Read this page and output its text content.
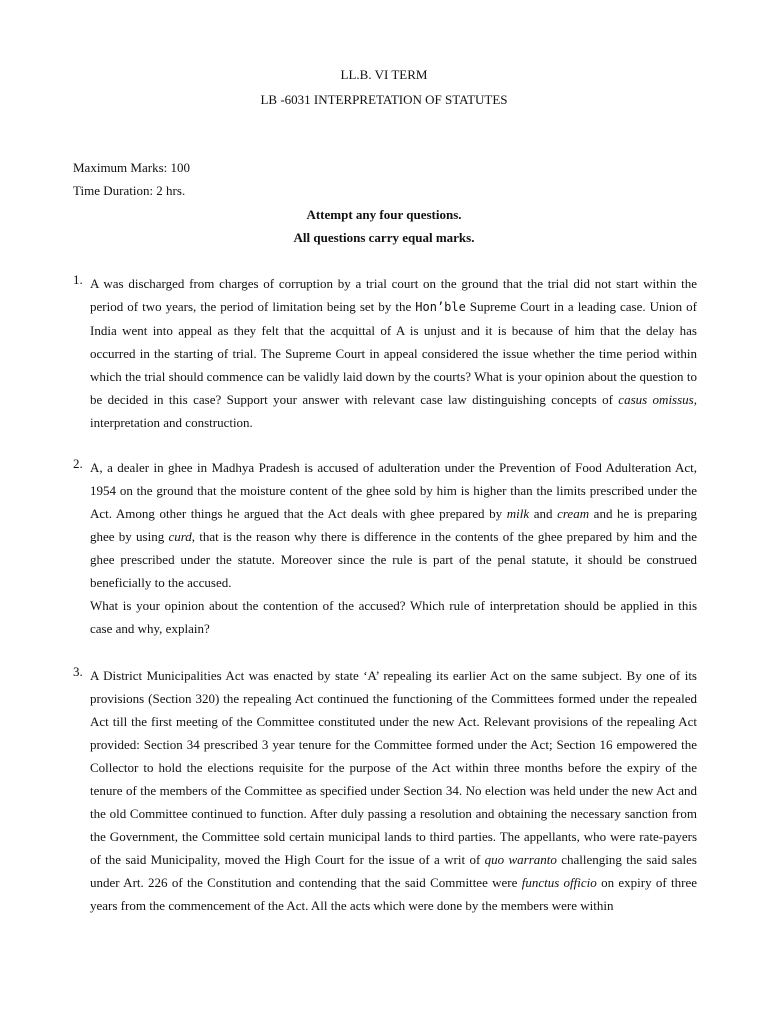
LL.B. VI TERM
LB -6031 INTERPRETATION OF STATUTES
Maximum Marks: 100
Time Duration: 2 hrs.
Attempt any four questions.
All questions carry equal marks.
1. A was discharged from charges of corruption by a trial court on the ground that the trial did not start within the period of two years, the period of limitation being set by the Hon’ble Supreme Court in a leading case. Union of India went into appeal as they felt that the acquittal of A is unjust and it is because of him that the delay has occurred in the starting of trial. The Supreme Court in appeal considered the issue whether the time period within which the trial should commence can be validly laid down by the courts? What is your opinion about the question to be decided in this case? Support your answer with relevant case law distinguishing concepts of casus omissus, interpretation and construction.

2. A, a dealer in ghee in Madhya Pradesh is accused of adulteration under the Prevention of Food Adulteration Act, 1954 on the ground that the moisture content of the ghee sold by him is higher than the limits prescribed under the Act. Among other things he argued that the Act deals with ghee prepared by milk and cream and he is preparing ghee by using curd, that is the reason why there is difference in the contents of the ghee prepared by him and the ghee prescribed under the statute. Moreover since the rule is part of the penal statute, it should be construed beneficially to the accused.

What is your opinion about the contention of the accused? Which rule of interpretation should be applied in this case and why, explain?

3. A District Municipalities Act was enacted by state ‘A’ repealing its earlier Act on the same subject. By one of its provisions (Section 320) the repealing Act continued the functioning of the Committees formed under the repealed Act till the first meeting of the Committee constituted under the new Act. Relevant provisions of the repealing Act provided: Section 34 prescribed 3 year tenure for the Committee formed under the Act; Section 16 empowered the Collector to hold the elections requisite for the purpose of the Act within three months before the expiry of the tenure of the members of the Committee as specified under Section 34. No election was held under the new Act and the old Committee continued to function. After duly passing a resolution and obtaining the necessary sanction from the Government, the Committee sold certain municipal lands to third parties. The appellants, who were rate-payers of the said Municipality, moved the High Court for the issue of a writ of quo warranto challenging the said sales under Art. 226 of the Constitution and contending that the said Committee were functus officio on expiry of three years from the commencement of the Act. All the acts which were done by the members were within
